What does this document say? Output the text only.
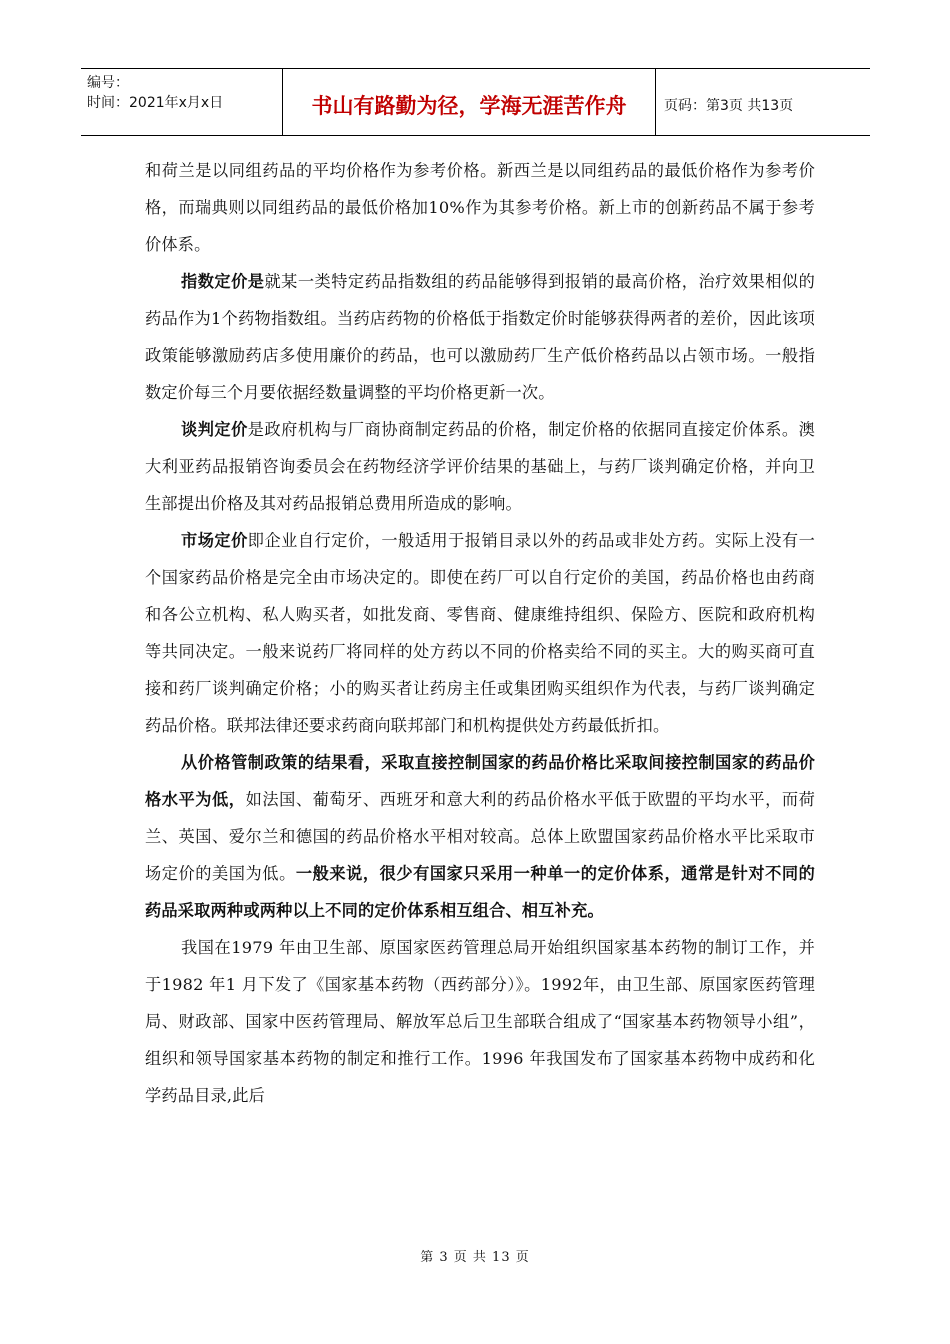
编号：
时间：2021年x月x日	书山有路勤为径，学海无涯苦作舟	页码：第3页 共13页

和荷兰是以同组药品的平均价格作为参考价格。新西兰是以同组药品的最低价格作为参考价格，而瑞典则以同组药品的最低价格加10%作为其参考价格。新上市的创新药品不属于参考价体系。

指数定价是就某一类特定药品指数组的药品能够得到报销的最高价格，治疗效果相似的药品作为1个药物指数组。当药店药物的价格低于指数定价时能够获得两者的差价，因此该项政策能够激励药店多使用廉价的药品，也可以激励药厂生产低价格药品以占领市场。一般指数定价每三个月要依据经数量调整的平均价格更新一次。

谈判定价是政府机构与厂商协商制定药品的价格，制定价格的依据同直接定价体系。澳大利亚药品报销咨询委员会在药物经济学评价结果的基础上，与药厂谈判确定价格，并向卫生部提出价格及其对药品报销总费用所造成的影响。

市场定价即企业自行定价，一般适用于报销目录以外的药品或非处方药。实际上没有一个国家药品价格是完全由市场决定的。即使在药厂可以自行定价的美国，药品价格也由药商和各公立机构、私人购买者，如批发商、零售商、健康维持组织、保险方、医院和政府机构等共同决定。一般来说药厂将同样的处方药以不同的价格卖给不同的买主。大的购买商可直接和药厂谈判确定价格；小的购买者让药房主任或集团购买组织作为代表，与药厂谈判确定药品价格。联邦法律还要求药商向联邦部门和机构提供处方药最低折扣。

从价格管制政策的结果看，采取直接控制国家的药品价格比采取间接控制国家的药品价格水平为低，如法国、葡萄牙、西班牙和意大利的药品价格水平低于欧盟的平均水平，而荷兰、英国、爱尔兰和德国的药品价格水平相对较高。总体上欧盟国家药品价格水平比采取市场定价的美国为低。一般来说，很少有国家只采用一种单一的定价体系，通常是针对不同的药品采取两种或两种以上不同的定价体系相互组合、相互补充。

我国在1979 年由卫生部、原国家医药管理总局开始组织国家基本药物的制订工作，并于1982 年1 月下发了《国家基本药物（西药部分）》。1992年，由卫生部、原国家医药管理局、财政部、国家中医药管理局、解放军总后卫生部联合组成了“国家基本药物领导小组”，组织和领导国家基本药物的制定和推行工作。1996 年我国发布了国家基本药物中成药和化学药品目录,此后

第 3 页 共 13 页
